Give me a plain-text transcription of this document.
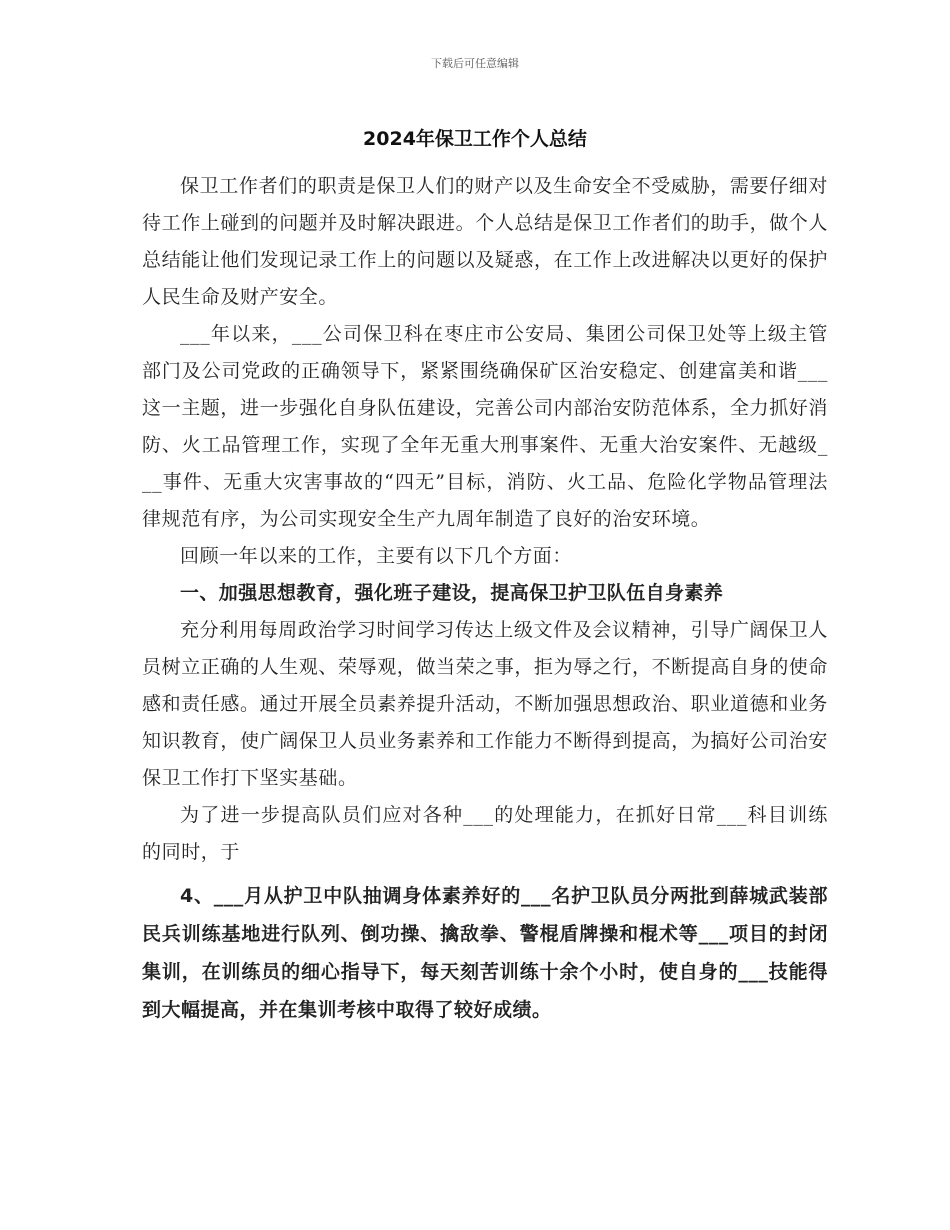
下载后可任意编辑
2024年保卫工作个人总结

保卫工作者们的职责是保卫人们的财产以及生命安全不受威胁，需要仔细对待工作上碰到的问题并及时解决跟进。个人总结是保卫工作者们的助手，做个人总结能让他们发现记录工作上的问题以及疑惑，在工作上改进解决以更好的保护人民生命及财产安全。

___年以来，___公司保卫科在枣庄市公安局、集团公司保卫处等上级主管部门及公司党政的正确领导下，紧紧围绕确保矿区治安稳定、创建富美和谐___这一主题，进一步强化自身队伍建设，完善公司内部治安防范体系，全力抓好消防、火工品管理工作，实现了全年无重大刑事案件、无重大治安案件、无越级___事件、无重大灾害事故的“四无”目标，消防、火工品、危险化学物品管理法律规范有序，为公司实现安全生产九周年制造了良好的治安环境。

回顾一年以来的工作，主要有以下几个方面：

一、加强思想教育，强化班子建设，提高保卫护卫队伍自身素养

充分利用每周政治学习时间学习传达上级文件及会议精神，引导广阔保卫人员树立正确的人生观、荣辱观，做当荣之事，拒为辱之行，不断提高自身的使命感和责任感。通过开展全员素养提升活动，不断加强思想政治、职业道德和业务知识教育，使广阔保卫人员业务素养和工作能力不断得到提高，为搞好公司治安保卫工作打下坚实基础。

为了进一步提高队员们应对各种___的处理能力，在抓好日常___科目训练的同时，于

4、___月从护卫中队抽调身体素养好的___名护卫队员分两批到薛城武装部民兵训练基地进行队列、倒功操、擒敌拳、警棍盾牌操和棍术等___项目的封闭集训，在训练员的细心指导下，每天刻苦训练十余个小时，使自身的___技能得到大幅提高，并在集训考核中取得了较好成绩。
